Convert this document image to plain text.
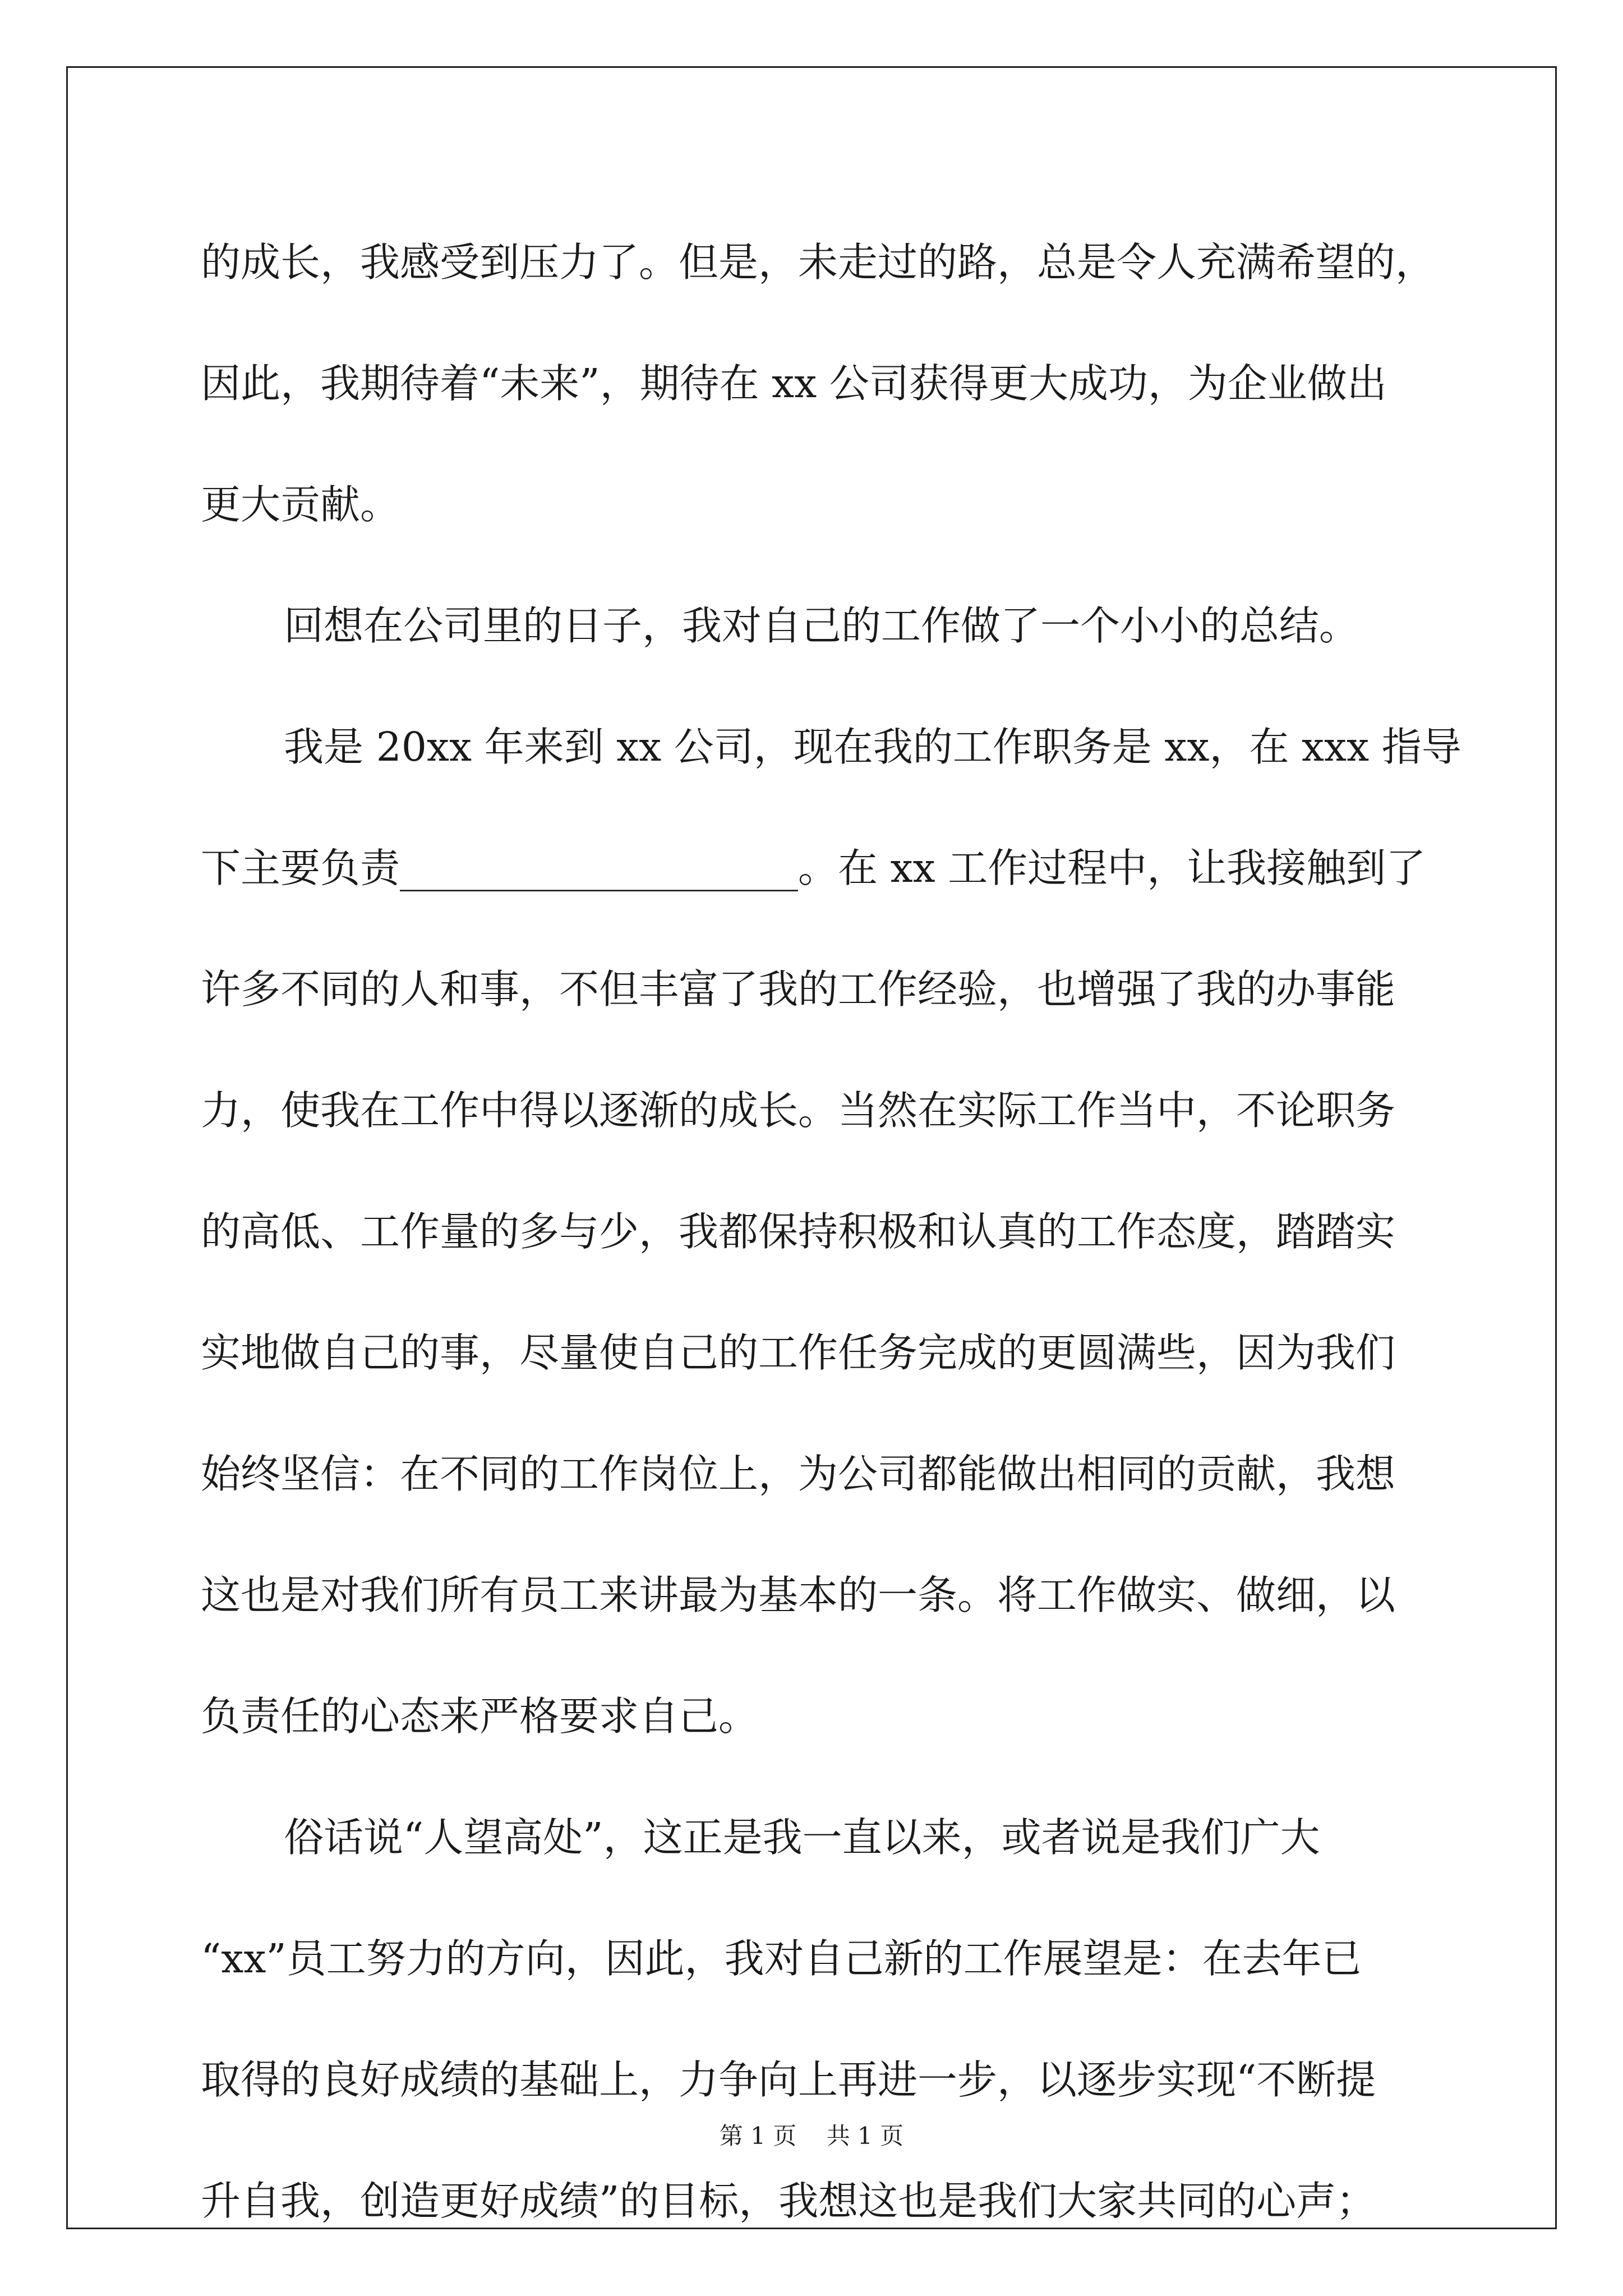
的成长，我感受到压力了。但是，未走过的路，总是令人充满希望的，
因此，我期待着“未来”，期待在 xx 公司获得更大成功，为企业做出
更大贡献。
回想在公司里的日子，我对自己的工作做了一个小小的总结。
我是 20xx 年来到 xx 公司，现在我的工作职务是 xx，在 xxx 指导
下主要负责____________________。在 xx 工作过程中，让我接触到了
许多不同的人和事，不但丰富了我的工作经验，也增强了我的办事能
力，使我在工作中得以逐渐的成长。当然在实际工作当中，不论职务
的高低、工作量的多与少，我都保持积极和认真的工作态度，踏踏实
实地做自己的事，尽量使自己的工作任务完成的更圆满些，因为我们
始终坚信：在不同的工作岗位上，为公司都能做出相同的贡献，我想
这也是对我们所有员工来讲最为基本的一条。将工作做实、做细，以
负责任的心态来严格要求自己。
俗话说“人望高处”，这正是我一直以来，或者说是我们广大
“xx”员工努力的方向，因此，我对自己新的工作展望是：在去年已
取得的良好成绩的基础上，力争向上再进一步，以逐步实现“不断提
升自我，创造更好成绩”的目标，我想这也是我们大家共同的心声；
第 1 页    共 1 页
